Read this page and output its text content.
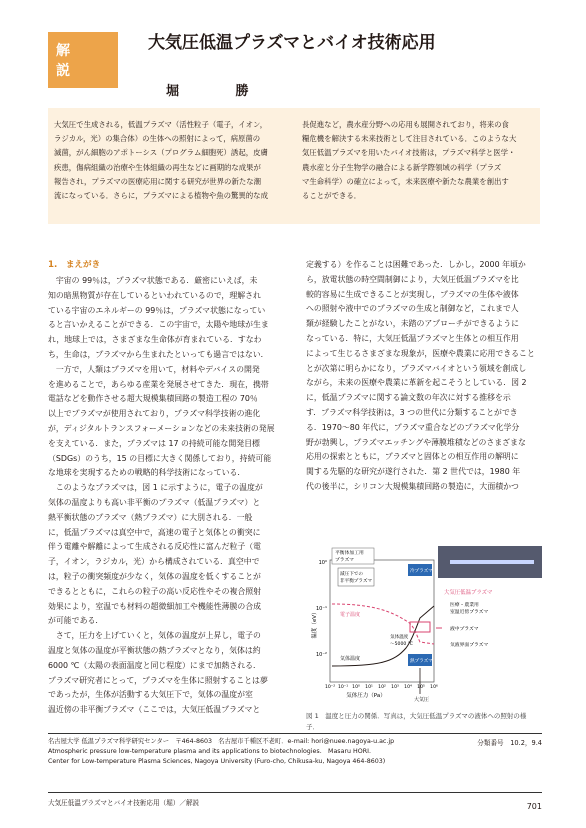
解 説
大気圧低温プラズマとバイオ技術応用
堀 勝
大気圧で生成される，低温プラズマ（活性粒子（電子，イオン，
ラジカル，光）の集合体）の生体への照射によって，病原菌の
滅菌，がん細胞のアポトーシス（プログラム細胞死）誘起，皮膚
疾患，傷病組織の治療や生体組織の再生などに画期的な成果が
報告され，プラズマの医療応用に関する研究が世界の新たな潮
流になっている．さらに，プラズマによる植物や魚の驚異的な成
長促進など，農水産分野への応用も展開されており，将来の食
糧危機を解決する未来技術として注目されている．このような大
気圧低温プラズマを用いたバイオ技術は，プラズマ科学と医学・
農水産と分子生物学の融合による新学際領域の科学（プラズ
マ生命科学）の確立によって，未来医療や新たな農業を創出す
ることができる．
1.　まえがき
　宇宙の 99％は，プラズマ状態である．厳密にいえば，未
知の暗黒物質が存在しているといわれているので，理解され
ている宇宙のエネルギーの 99％は，プラズマ状態になってい
ると言いかえることができる．この宇宙で，太陽や地球が生ま
れ，地球上では，さまざまな生命体が育まれている．すなわ
ち，生命は，プラズマから生まれたといっても過言ではない．
　一方で，人類はプラズマを用いて，材料やデバイスの開発
を進めることで，あらゆる産業を発展させてきた．現在，携帯
電話などを動作させる超大規模集積回路の製造工程の 70％
以上でプラズマが使用されており，プラズマ科学技術の進化
が，ディジタルトランスフォーメーションなどの未来技術の発展
を支えている．また，プラズマは 17 の持続可能な開発目標
（SDGs）のうち，15 の目標に大きく関係しており，持続可能
な地球を実現するための戦略的科学技術になっている．
　このようなプラズマは，図 1 に示すように，電子の温度が
気体の温度よりも高い非平衡のプラズマ（低温プラズマ）と
熱平衡状態のプラズマ（熱プラズマ）に大別される．一般
に，低温プラズマは真空中で，高速の電子と気体との衝突に
伴う電離や解離によって生成される反応性に富んだ粒子（電
子，イオン，ラジカル，光）から構成されている．真空中で
は，粒子の衝突頻度が少なく，気体の温度を低くすることが
できるとともに，これらの粒子の高い反応性やその複合照射
効果により，室温でも材料の超微細加工や機能性薄膜の合成
が可能である．
　さて，圧力を上げていくと，気体の温度が上昇し，電子の
温度と気体の温度が平衡状態の熱プラズマとなり，気体は約
6000 ℃（太陽の表面温度と同じ程度）にまで加熱される．
プラズマ研究者にとって，プラズマを生体に照射することは夢
であったが，生体が活動する大気圧下で，気体の温度が室
温近傍の非平衡プラズマ（ここでは，大気圧低温プラズマと
定義する）を作ることは困難であった．しかし，2000 年頃か
ら，放電状態の時空間制御により，大気圧低温プラズマを比
較的容易に生成できることが実現し，プラズマの生体や液体
への照射や液中でのプラズマの生成と制御など，これまで人
類が経験したことがない，未踏のアプローチができるように
なっている．特に，大気圧低温プラズマと生体との相互作用
によって生じるさまざまな現象が，医療や農業に応用できること
とが次第に明らかになり，プラズマバイオという領域を創成し
ながら，未来の医療や農業に革新を起こそうとしている．図 2
に，低温プラズマに関する論文数の年次に対する推移を示
す．プラズマ科学技術は，3 つの世代に分類することができ
る．1970～80 年代に，プラズマ重合などのプラズマ化学分
野が勃興し，プラズマエッチングや薄膜堆積などのさまざまな
応用の探索とともに，プラズマと固体との相互作用の解明に
関する先駆的な研究が遂行された．第 2 世代では，1980 年
代の後半に，シリコン大規模集積回路の製造に，大面積かつ
10⁰
10⁻¹
10⁻²
温度（eV）
10⁻² 10⁻¹ 10⁰ 10¹ 10² 10³ 10⁴ 10⁵ 10⁶
気体圧力（Pa）
平衡体加工用プラズマ
減圧下での非平衡プラズマ
電子温度
気体温度
気体温度～5000 ℃
冷プラズマ
熱プラズマ
大気圧
大気圧低温プラズマ
医療・農業用室温近傍プラズマ
液中プラズマ
気液界面プラズマ
図 1　温度と圧力の関係．写真は，大気圧低温プラズマの液体への照射の様
子．
名古屋大学 低温プラズマ科学研究センター　〒464-8603　名古屋市千種区不老町．e-mail: hori@nuee.nagoya-u.ac.jp
Atmospheric pressure low-temperature plasma and its applications to biotechnologies.　Masaru HORI.
Center for Low-temperature Plasma Sciences, Nagoya University (Furo-cho, Chikusa-ku, Nagoya 464-8603)
分類番号　10.2，9.4
大気圧低温プラズマとバイオ技術応用（堀）／解説	701
